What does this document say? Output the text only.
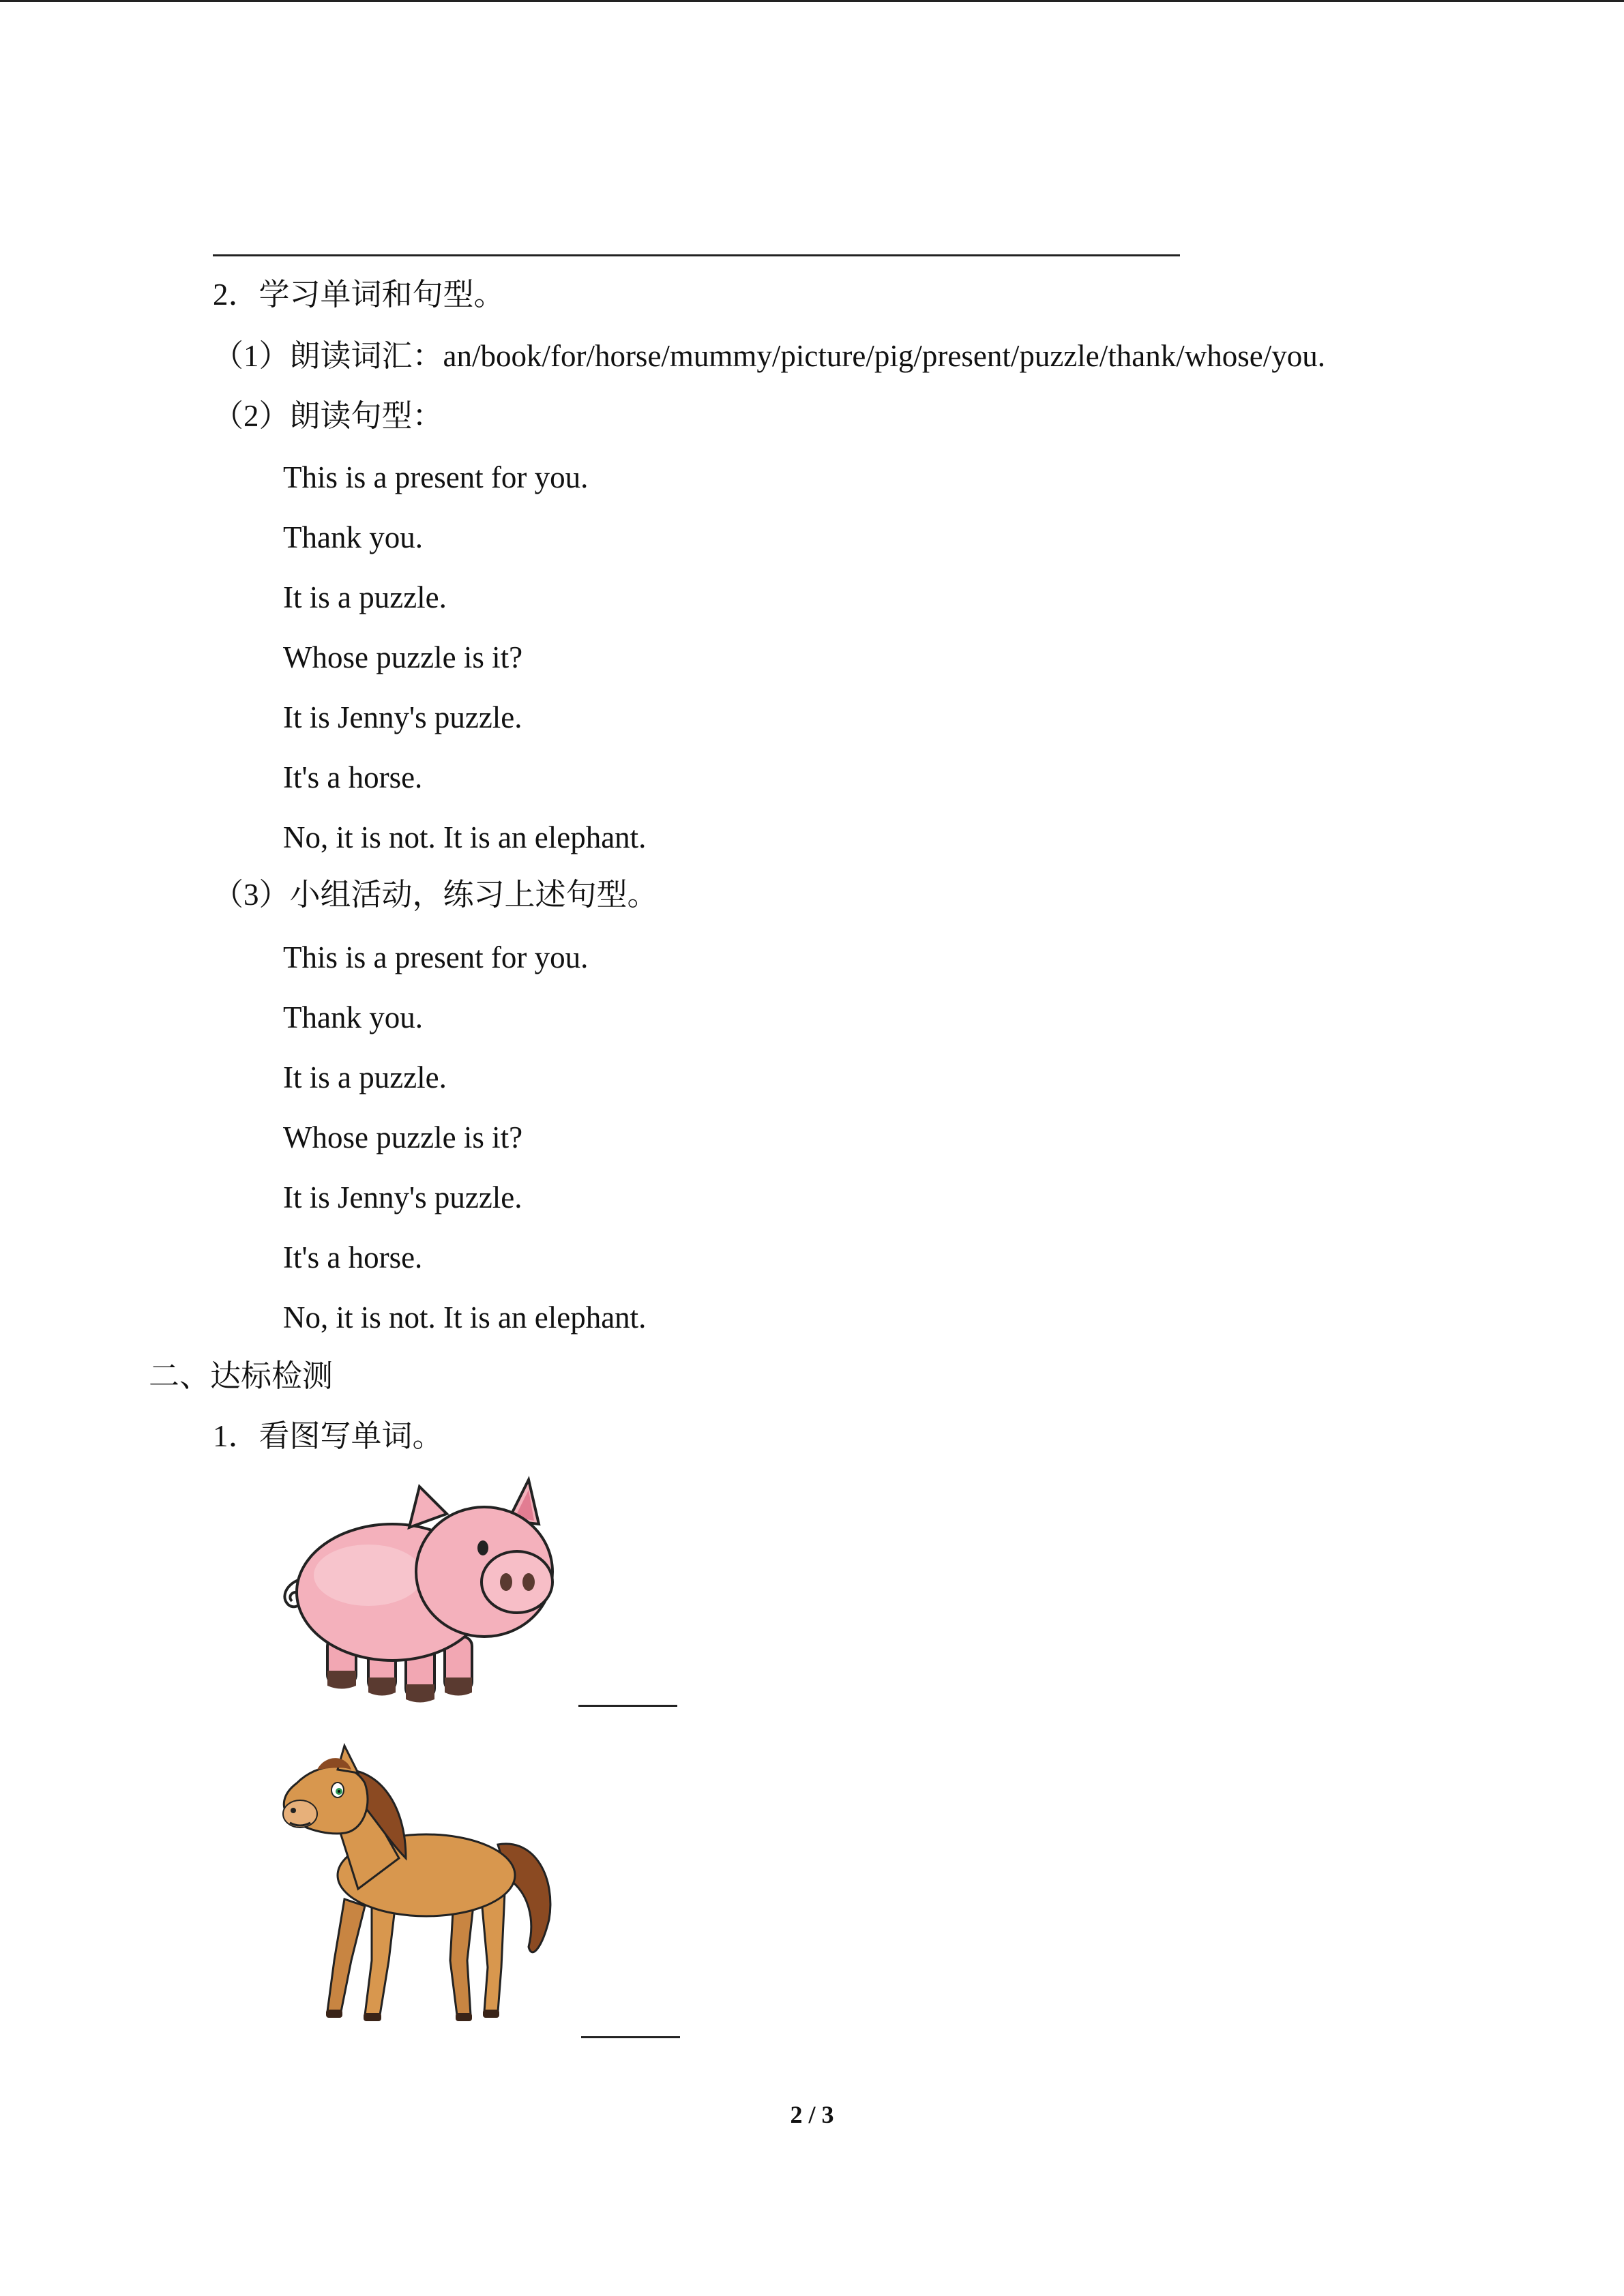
2．学习单词和句型。
（1）朗读词汇：an/book/for/horse/mummy/picture/pig/present/puzzle/thank/whose/you.
（2）朗读句型：
This is a present for you.
Thank you.
It is a puzzle.
Whose puzzle is it?
It is Jenny's puzzle.
It's a horse.
No, it is not. It is an elephant.
（3）小组活动，练习上述句型。
This is a present for you.
Thank you.
It is a puzzle.
Whose puzzle is it?
It is Jenny's puzzle.
It's a horse.
No, it is not. It is an elephant.
二、达标检测
1．看图写单词。
2 / 3
